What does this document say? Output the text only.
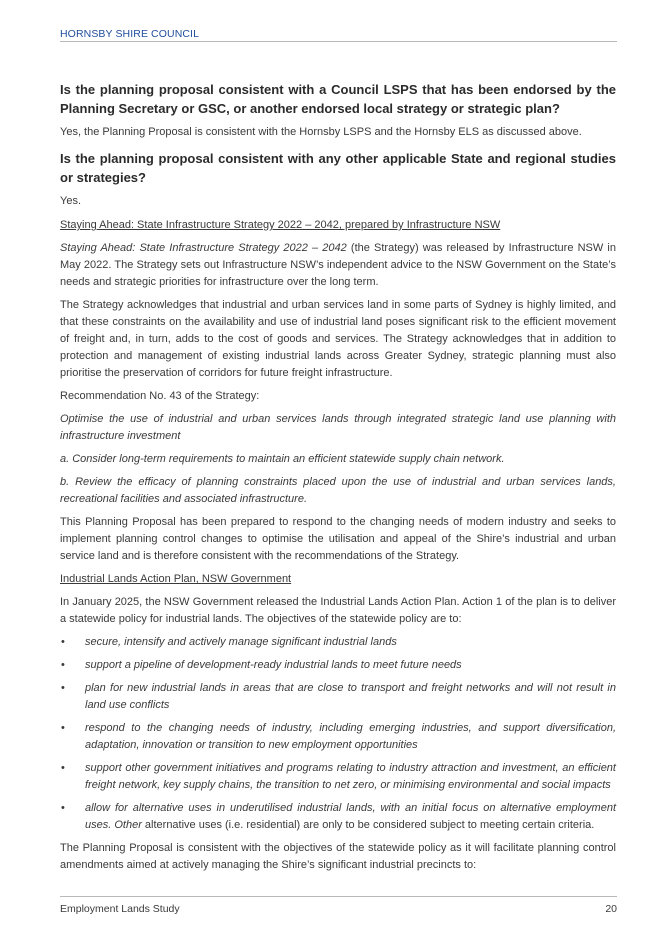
HORNSBY SHIRE COUNCIL
Is the planning proposal consistent with a Council LSPS that has been endorsed by the Planning Secretary or GSC, or another endorsed local strategy or strategic plan?

Yes, the Planning Proposal is consistent with the Hornsby LSPS and the Hornsby ELS as discussed above.

Is the planning proposal consistent with any other applicable State and regional studies or strategies?

Yes.

Staying Ahead: State Infrastructure Strategy 2022 – 2042, prepared by Infrastructure NSW

Staying Ahead: State Infrastructure Strategy 2022 – 2042 (the Strategy) was released by Infrastructure NSW in May 2022. The Strategy sets out Infrastructure NSW’s independent advice to the NSW Government on the State’s needs and strategic priorities for infrastructure over the long term.

The Strategy acknowledges that industrial and urban services land in some parts of Sydney is highly limited, and that these constraints on the availability and use of industrial land poses significant risk to the efficient movement of freight and, in turn, adds to the cost of goods and services. The Strategy acknowledges that in addition to protection and management of existing industrial lands across Greater Sydney, strategic planning must also prioritise the preservation of corridors for future freight infrastructure.

Recommendation No. 43 of the Strategy:

Optimise the use of industrial and urban services lands through integrated strategic land use planning with infrastructure investment

a. Consider long-term requirements to maintain an efficient statewide supply chain network.

b. Review the efficacy of planning constraints placed upon the use of industrial and urban services lands, recreational facilities and associated infrastructure.

This Planning Proposal has been prepared to respond to the changing needs of modern industry and seeks to implement planning control changes to optimise the utilisation and appeal of the Shire’s industrial and urban service land and is therefore consistent with the recommendations of the Strategy.

Industrial Lands Action Plan, NSW Government

In January 2025, the NSW Government released the Industrial Lands Action Plan. Action 1 of the plan is to deliver a statewide policy for industrial lands. The objectives of the statewide policy are to:

• secure, intensify and actively manage significant industrial lands
• support a pipeline of development-ready industrial lands to meet future needs
• plan for new industrial lands in areas that are close to transport and freight networks and will not result in land use conflicts
• respond to the changing needs of industry, including emerging industries, and support diversification, adaptation, innovation or transition to new employment opportunities
• support other government initiatives and programs relating to industry attraction and investment, an efficient freight network, key supply chains, the transition to net zero, or minimising environmental and social impacts
• allow for alternative uses in underutilised industrial lands, with an initial focus on alternative employment uses. Other alternative uses (i.e. residential) are only to be considered subject to meeting certain criteria.

The Planning Proposal is consistent with the objectives of the statewide policy as it will facilitate planning control amendments aimed at actively managing the Shire’s significant industrial precincts to:

Employment Lands Study	20
